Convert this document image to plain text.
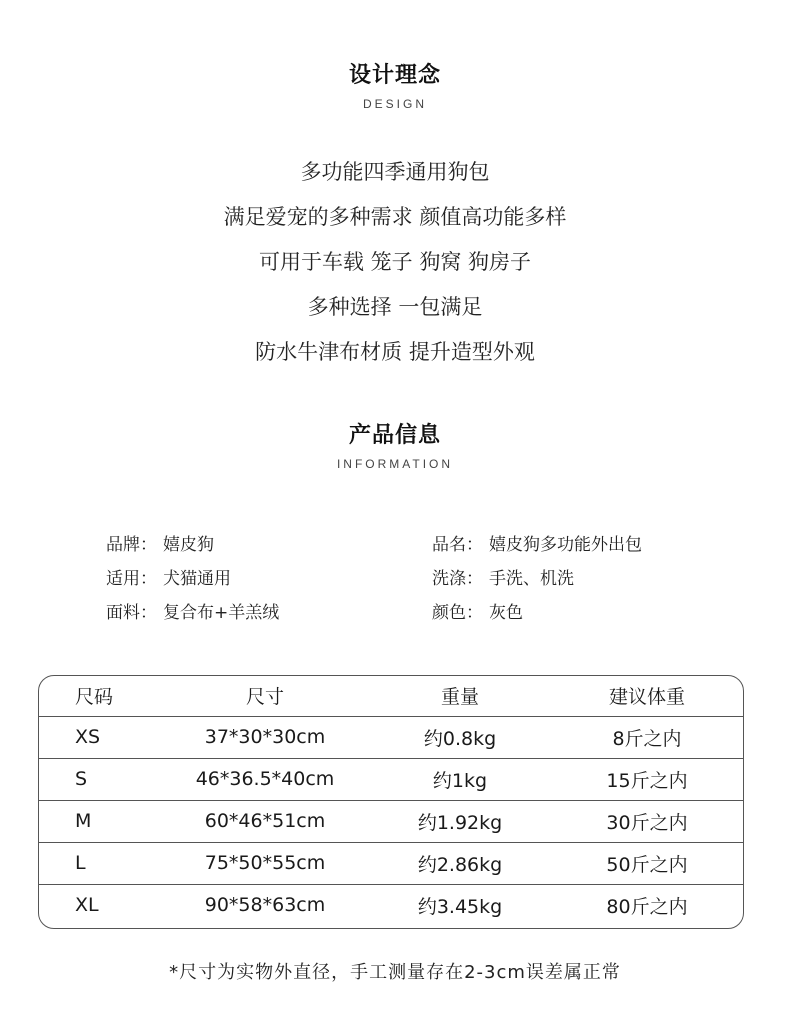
设计理念
DESIGN
多功能四季通用狗包
满足爱宠的多种需求 颜值高功能多样
可用于车载 笼子 狗窝 狗房子
多种选择 一包满足
防水牛津布材质 提升造型外观
产品信息
INFORMATION
品牌： 嬉皮狗	品名： 嬉皮狗多功能外出包
适用： 犬猫通用	洗涤： 手洗、机洗
面料： 复合布+羊羔绒	颜色： 灰色
尺码	尺寸	重量	建议体重
XS	37*30*30cm	约0.8kg	8斤之内
S	46*36.5*40cm	约1kg	15斤之内
M	60*46*51cm	约1.92kg	30斤之内
L	75*50*55cm	约2.86kg	50斤之内
XL	90*58*63cm	约3.45kg	80斤之内
*尺寸为实物外直径，手工测量存在2-3cm误差属正常
